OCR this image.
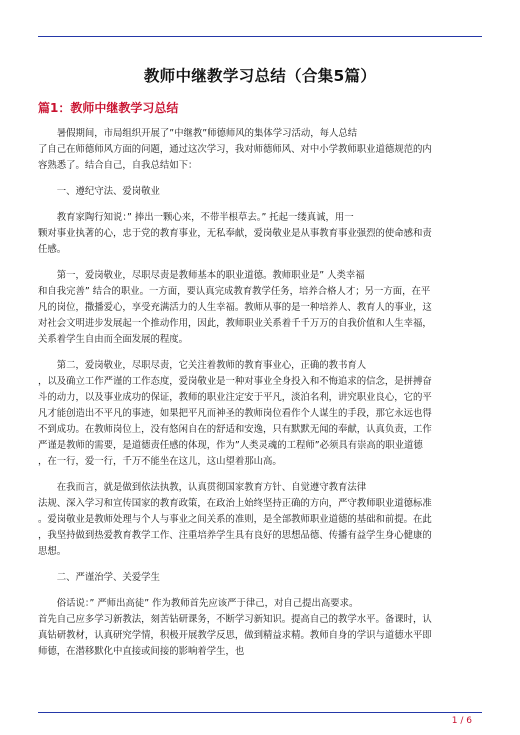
教师中继教学习总结（合集5篇）
篇1：教师中继教学习总结

　　暑假期间，市局组织开展了”中继教”师德师风的集体学习活动，每人总结
了自己在师德师风方面的问题，通过这次学习，我对师德师风、对中小学教师职业道德规范的内
容熟悉了。结合自己，自我总结如下：

　　一、遵纪守法、爱岗敬业

　　教育家陶行知说：” 捧出一颗心来，不带半根草去。” 托起一缕真诚，用一
颗对事业执著的心，忠于党的教育事业，无私奉献，爱岗敬业是从事教育事业强烈的使命感和责
任感。

　　第一，爱岗敬业，尽职尽责是教师基本的职业道德。教师职业是” 人类幸福
和自我完善” 结合的职业。一方面，要认真完成教育教学任务，培养合格人才；另一方面，在平
凡的岗位，撒播爱心，享受充满活力的人生幸福。教师从事的是一种培养人、教育人的事业，这
对社会文明进步发展起一个推动作用，因此，教师职业关系着千千万万的自我价值和人生幸福，
关系着学生自由而全面发展的程度。

　　第二，爱岗敬业，尽职尽责，它关注着教师的教育事业心，正确的教书育人
，以及确立工作严谨的工作态度，爱岗敬业是一种对事业全身投入和不悔追求的信念，是拼搏奋
斗的动力，以及事业成功的保证，教师的职业注定安于平凡，淡泊名利，讲究职业良心，它的平
凡才能创造出不平凡的事迹，如果把平凡而神圣的教师岗位看作个人谋生的手段，那它永远也得
不到成功。在教师岗位上，没有悠闲自在的舒适和安逸，只有默默无闻的奉献，认真负责，工作
严谨是教师的需要，是道德责任感的体现，作为”人类灵魂的工程师”必须具有崇高的职业道德
，在一行，爱一行，千万不能坐在这儿，这山望着那山高。

　　在我而言，就是做到依法执教，认真贯彻国家教育方针、自觉遵守教育法律
法规、深入学习和宣传国家的教育政策，在政治上始终坚持正确的方向，严守教师职业道德标准
。爱岗敬业是教师处理与个人与事业之间关系的准则，是全部教师职业道德的基础和前提。在此
，我坚持做到热爱教育教学工作、注重培养学生具有良好的思想品德、传播有益学生身心健康的
思想。

　　二、严谨治学、关爱学生

　　俗话说：” 严师出高徒” 作为教师首先应该严于律己，对自己提出高要求。
首先自己应多学习新教法，刻苦钻研课务，不断学习新知识。提高自己的教学水平。备课时，认
真钻研教材，认真研究学情，积极开展教学反思，做到精益求精。教师自身的学识与道德水平即
师德，在潜移默化中直接或间接的影响着学生，也

1 / 6
